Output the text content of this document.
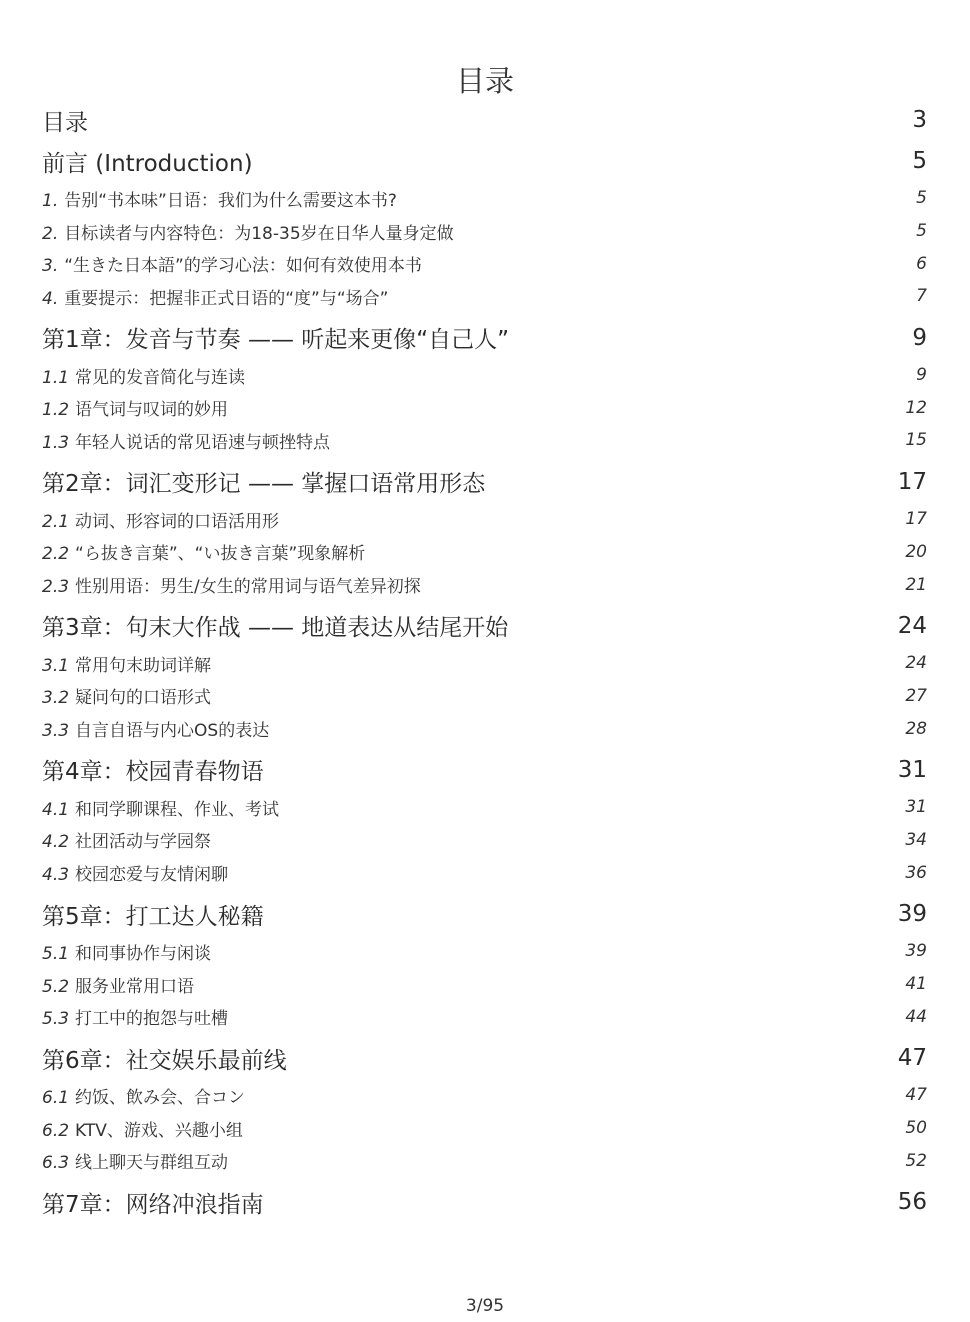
目录
目录	3
前言 (Introduction)	5
1. 告别“书本味”日语：我们为什么需要这本书?	5
2. 目标读者与内容特色：为18-35岁在日华人量身定做	5
3. “生きた日本語”的学习心法：如何有效使用本书	6
4. 重要提示：把握非正式日语的“度”与“场合”	7
第1章：发音与节奏 —— 听起来更像“自己人”	9
1.1 常见的发音简化与连读	9
1.2 语气词与叹词的妙用	12
1.3 年轻人说话的常见语速与顿挫特点	15
第2章：词汇变形记 —— 掌握口语常用形态	17
2.1 动词、形容词的口语活用形	17
2.2 “ら抜き言葉”、“い抜き言葉”现象解析	20
2.3 性别用语：男生/女生的常用词与语气差异初探	21
第3章：句末大作战 —— 地道表达从结尾开始	24
3.1 常用句末助词详解	24
3.2 疑问句的口语形式	27
3.3 自言自语与内心OS的表达	28
第4章：校园青春物语	31
4.1 和同学聊课程、作业、考试	31
4.2 社团活动与学园祭	34
4.3 校园恋爱与友情闲聊	36
第5章：打工达人秘籍	39
5.1 和同事协作与闲谈	39
5.2 服务业常用口语	41
5.3 打工中的抱怨与吐槽	44
第6章：社交娱乐最前线	47
6.1 约饭、飲み会、合コン	47
6.2 KTV、游戏、兴趣小组	50
6.3 线上聊天与群组互动	52
第7章：网络冲浪指南	56
3/95
